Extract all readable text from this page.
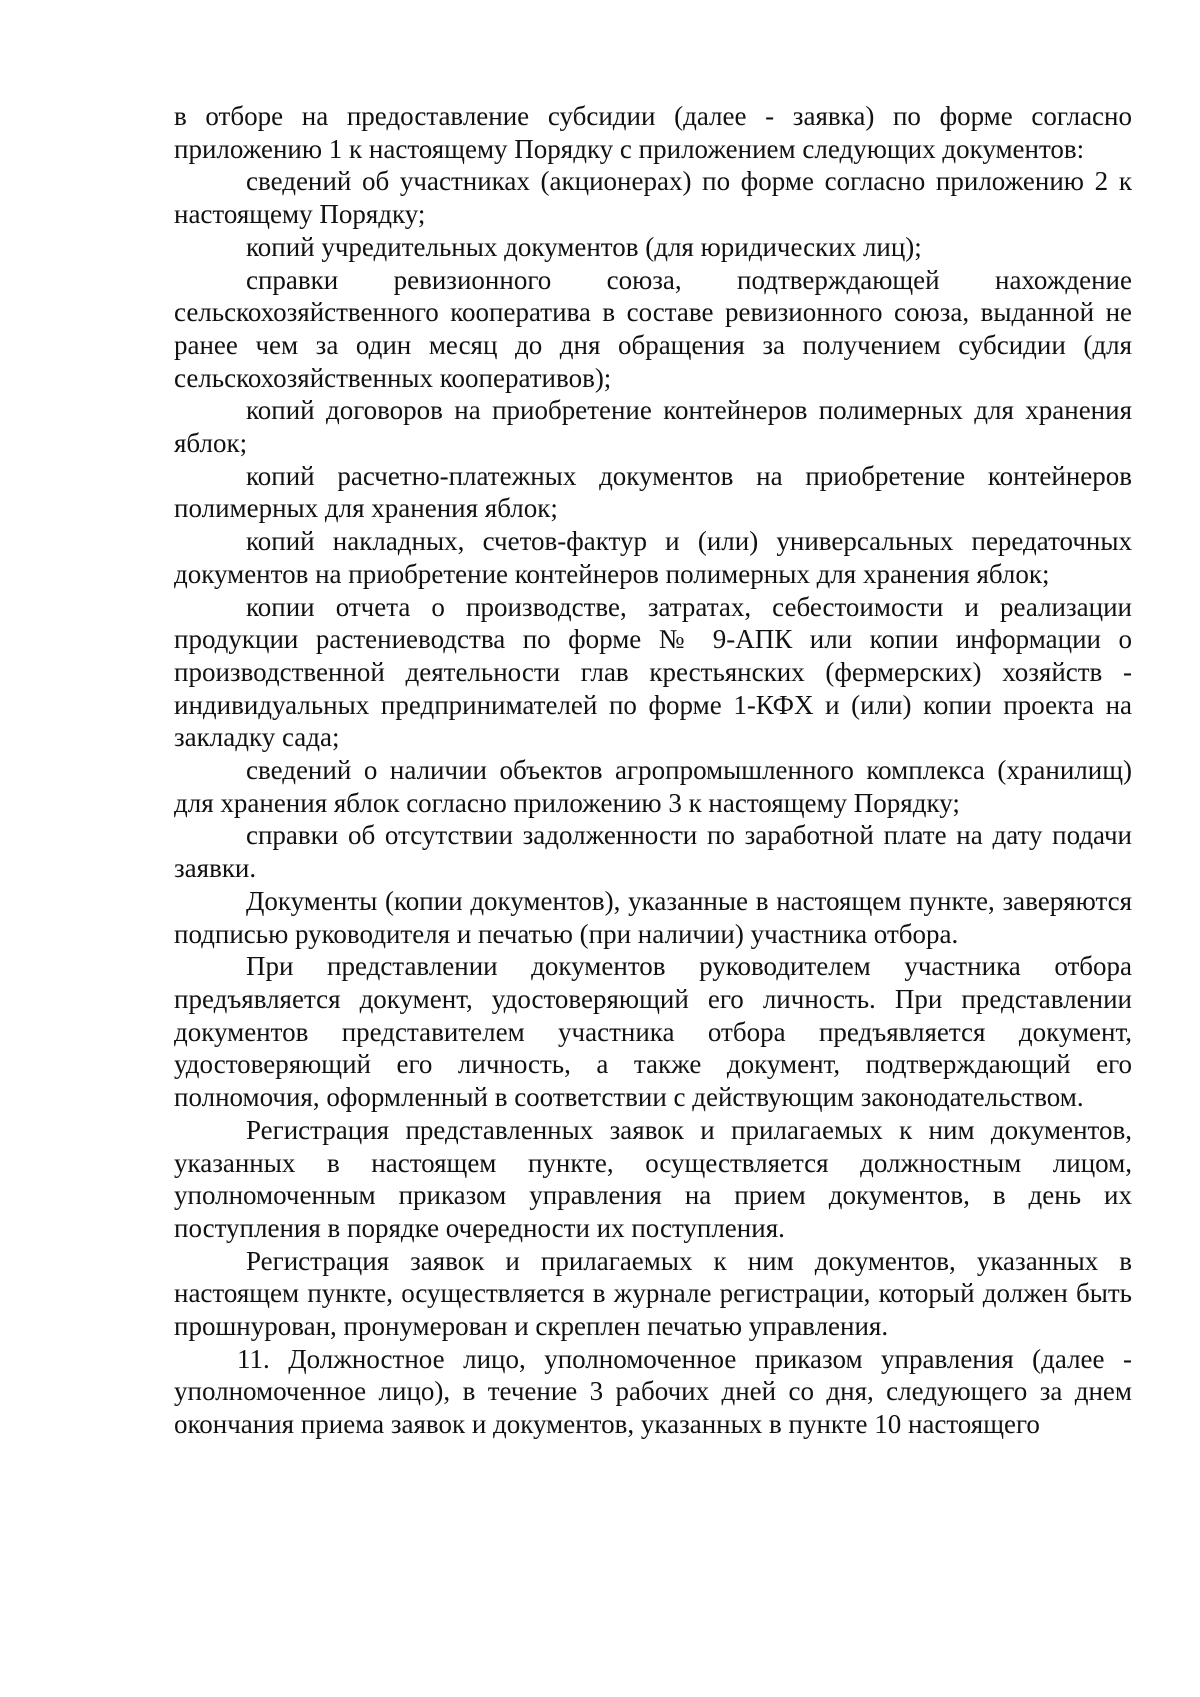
в отборе на предоставление субсидии (далее - заявка) по форме согласно приложению 1 к настоящему Порядку с приложением следующих документов:

сведений об участниках (акционерах) по форме согласно приложению 2 к настоящему Порядку;

копий учредительных документов (для юридических лиц);

справки ревизионного союза, подтверждающей нахождение сельскохозяйственного кооператива в составе ревизионного союза, выданной не ранее чем за один месяц до дня обращения за получением субсидии (для сельскохозяйственных кооперативов);

копий договоров на приобретение контейнеров полимерных для хранения яблок;

копий расчетно-платежных документов на приобретение контейнеров полимерных для хранения яблок;

копий накладных, счетов-фактур и (или) универсальных передаточных документов на приобретение контейнеров полимерных для хранения яблок;

копии отчета о производстве, затратах, себестоимости и реализации продукции растениеводства по форме № 9-АПК или копии информации о производственной деятельности глав крестьянских (фермерских) хозяйств - индивидуальных предпринимателей по форме 1-КФХ и (или) копии проекта на закладку сада;

сведений о наличии объектов агропромышленного комплекса (хранилищ) для хранения яблок согласно приложению 3 к настоящему Порядку;

справки об отсутствии задолженности по заработной плате на дату подачи заявки.

Документы (копии документов), указанные в настоящем пункте, заверяются подписью руководителя и печатью (при наличии) участника отбора.

При представлении документов руководителем участника отбора предъявляется документ, удостоверяющий его личность. При представлении документов представителем участника отбора предъявляется документ, удостоверяющий его личность, а также документ, подтверждающий его полномочия, оформленный в соответствии с действующим законодательством.

Регистрация представленных заявок и прилагаемых к ним документов, указанных в настоящем пункте, осуществляется должностным лицом, уполномоченным приказом управления на прием документов, в день их поступления в порядке очередности их поступления.

Регистрация заявок и прилагаемых к ним документов, указанных в настоящем пункте, осуществляется в журнале регистрации, который должен быть прошнурован, пронумерован и скреплен печатью управления.

11. Должностное лицо, уполномоченное приказом управления (далее - уполномоченное лицо), в течение 3 рабочих дней со дня, следующего за днем окончания приема заявок и документов, указанных в пункте 10 настоящего
